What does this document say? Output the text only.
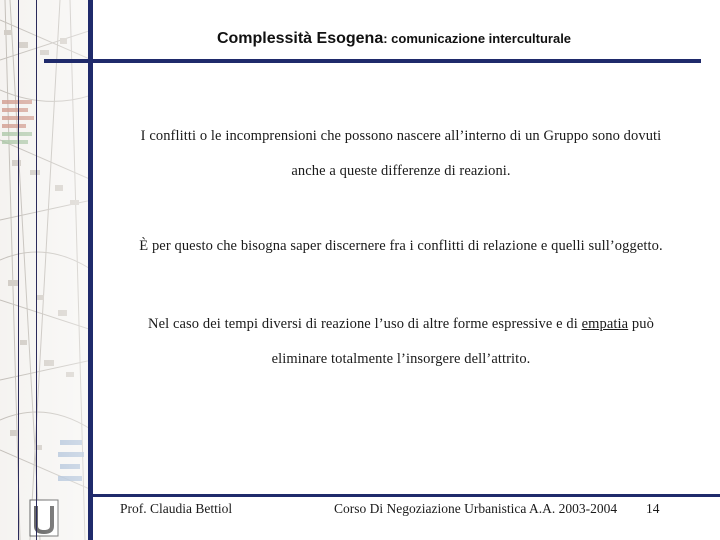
Complessità Esogena: comunicazione interculturale
I conflitti o le incomprensioni che possono nascere all’interno di un Gruppo sono dovuti
anche a queste differenze di reazioni.
È per questo che bisogna saper discernere fra i conflitti di relazione e quelli sull’oggetto.
Nel caso dei tempi diversi di reazione l’uso di altre forme espressive e di empatia può
eliminare totalmente l’insorgere dell’attrito.
Prof. Claudia Bettiol	Corso Di Negoziazione Urbanistica A.A. 2003-2004 14
